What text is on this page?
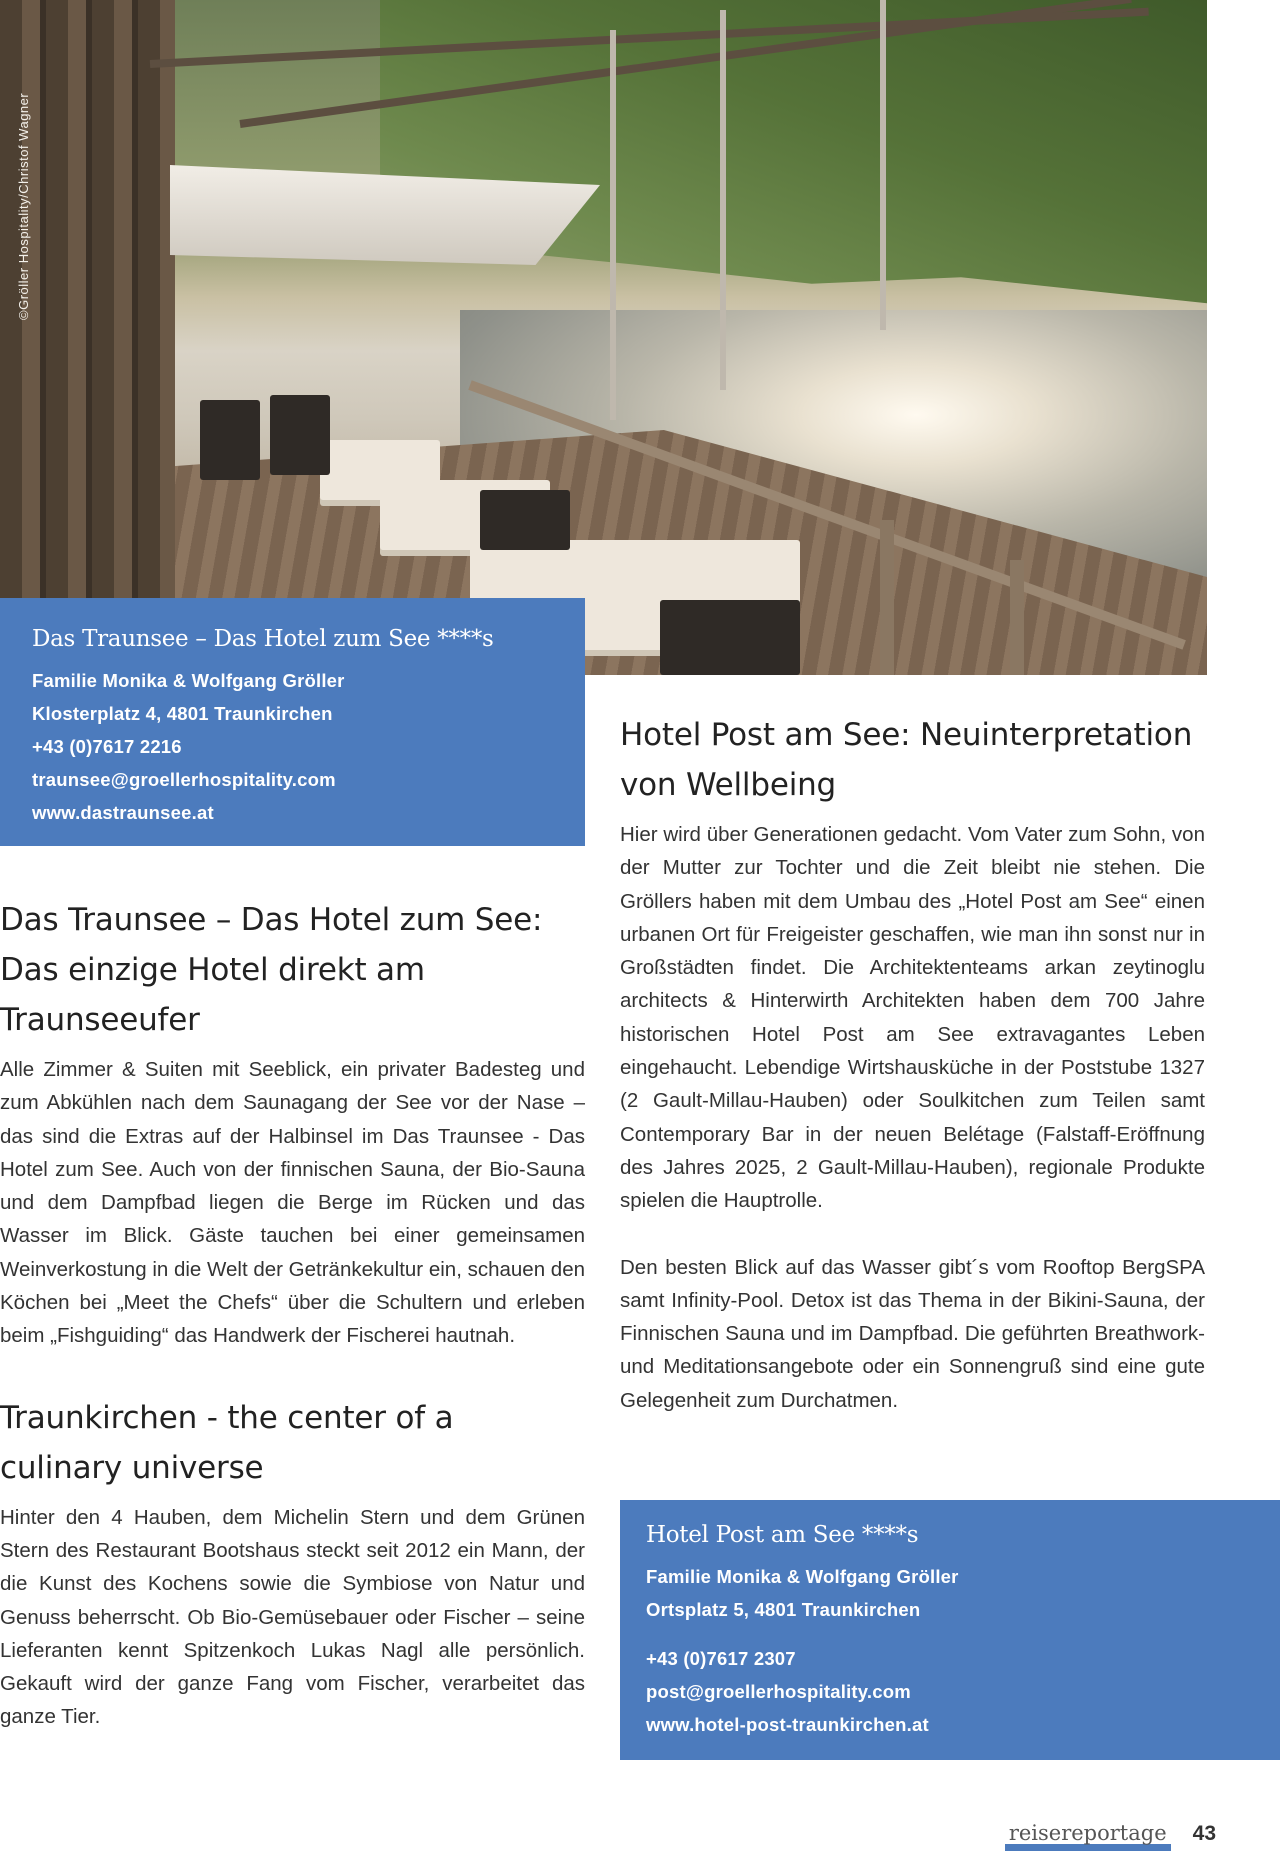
©Gröller Hospitality/Christof Wagner
Das Traunsee – Das Hotel zum See ****s
Familie Monika & Wolfgang Gröller
Klosterplatz 4, 4801 Traunkirchen
+43 (0)7617 2216
traunsee@groellerhospitality.com
www.dastraunsee.at
Das Traunsee – Das Hotel zum See: Das einzige Hotel direkt am Traunseeufer

Alle Zimmer & Suiten mit Seeblick, ein privater Badesteg und zum Abkühlen nach dem Saunagang der See vor der Nase – das sind die Extras auf der Halbinsel im Das Traunsee - Das Hotel zum See. Auch von der finnischen Sauna, der Bio-Sauna und dem Dampfbad liegen die Berge im Rücken und das Wasser im Blick. Gäste tauchen bei einer gemeinsamen Weinverkostung in die Welt der Getränkekultur ein, schauen den Köchen bei „Meet the Chefs“ über die Schultern und erleben beim „Fishguiding“ das Handwerk der Fischerei hautnah.

Traunkirchen - the center of a culinary universe

Hinter den 4 Hauben, dem Michelin Stern und dem Grünen Stern des Restaurant Bootshaus steckt seit 2012 ein Mann, der die Kunst des Kochens sowie die Symbiose von Natur und Genuss beherrscht. Ob Bio-Gemüsebauer oder Fischer – seine Lieferanten kennt Spitzenkoch Lukas Nagl alle persönlich. Gekauft wird der ganze Fang vom Fischer, verarbeitet das ganze Tier.

Hotel Post am See: Neuinterpretation von Wellbeing

Hier wird über Generationen gedacht. Vom Vater zum Sohn, von der Mutter zur Tochter und die Zeit bleibt nie stehen. Die Gröllers haben mit dem Umbau des „Hotel Post am See“ einen urbanen Ort für Freigeister geschaffen, wie man ihn sonst nur in Großstädten findet. Die Architektenteams arkan zeytinoglu architects & Hinterwirth Architekten haben dem 700 Jahre historischen Hotel Post am See extravagantes Leben eingehaucht. Lebendige Wirtshausküche in der Poststube 1327 (2 Gault-Millau-Hauben) oder Soulkitchen zum Teilen samt Contemporary Bar in der neuen Belétage (Falstaff-Eröffnung des Jahres 2025, 2 Gault-Millau-Hauben), regionale Produkte spielen die Hauptrolle.

Den besten Blick auf das Wasser gibt´s vom Rooftop BergSPA samt Infinity-Pool. Detox ist das Thema in der Bikini-Sauna, der Finnischen Sauna und im Dampfbad. Die geführten Breathwork- und Meditationsangebote oder ein Sonnengruß sind eine gute Gelegenheit zum Durchatmen.

Hotel Post am See ****s
Familie Monika & Wolfgang Gröller
Ortsplatz 5, 4801 Traunkirchen
+43 (0)7617 2307
post@groellerhospitality.com
www.hotel-post-traunkirchen.at
reisereportage 43
